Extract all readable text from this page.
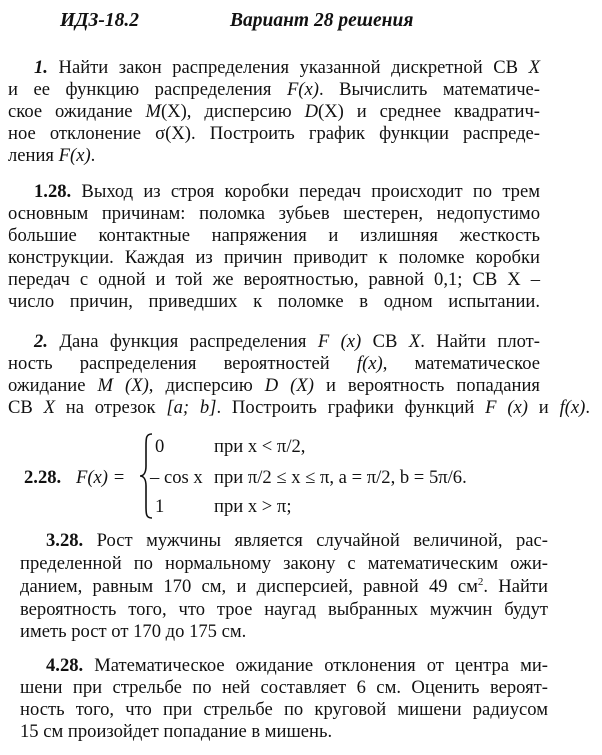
ИДЗ-18.2	Вариант 28 решения
1. Найти закон распределения указанной дискретной СВ X
и ее функцию распределения F(x). Вычислить математиче-
ское ожидание M(X), дисперсию D(X) и среднее квадратич-
ное отклонение σ(X). Построить график функции распреде-
ления F(x).
1.28. Выход из строя коробки передач происходит по трем
основным причинам: поломка зубьев шестерен, недопустимо
большие контактные напряжения и излишняя жесткость
конструкции. Каждая из причин приводит к поломке коробки
передач с одной и той же вероятностью, равной 0,1; СВ X –
число причин, приведших к поломке в одном испытании.
2. Дана функция распределения F (x) СВ X. Найти плот-
ность распределения вероятностей f(x), математическое
ожидание M (X), дисперсию D (X) и вероятность попадания
СВ X на отрезок [a; b]. Построить графики функций F (x) и f(x).
2.28. F(x) =
0	при x < π/2,
– cos x при π/2 ≤ x ≤ π, a = π/2, b = 5π/6.
1	при x > π;
3.28. Рост мужчины является случайной величиной, рас-
пределенной по нормальному закону с математическим ожи-
данием, равным 170 см, и дисперсией, равной 49 $см^2$. Найти
вероятность того, что трое наугад выбранных мужчин будут
иметь рост от 170 до 175 см.
4.28. Математическое ожидание отклонения от центра ми-
шени при стрельбе по ней составляет 6 см. Оценить вероят-
ность того, что при стрельбе по круговой мишени радиусом
15 см произойдет попадание в мишень.
